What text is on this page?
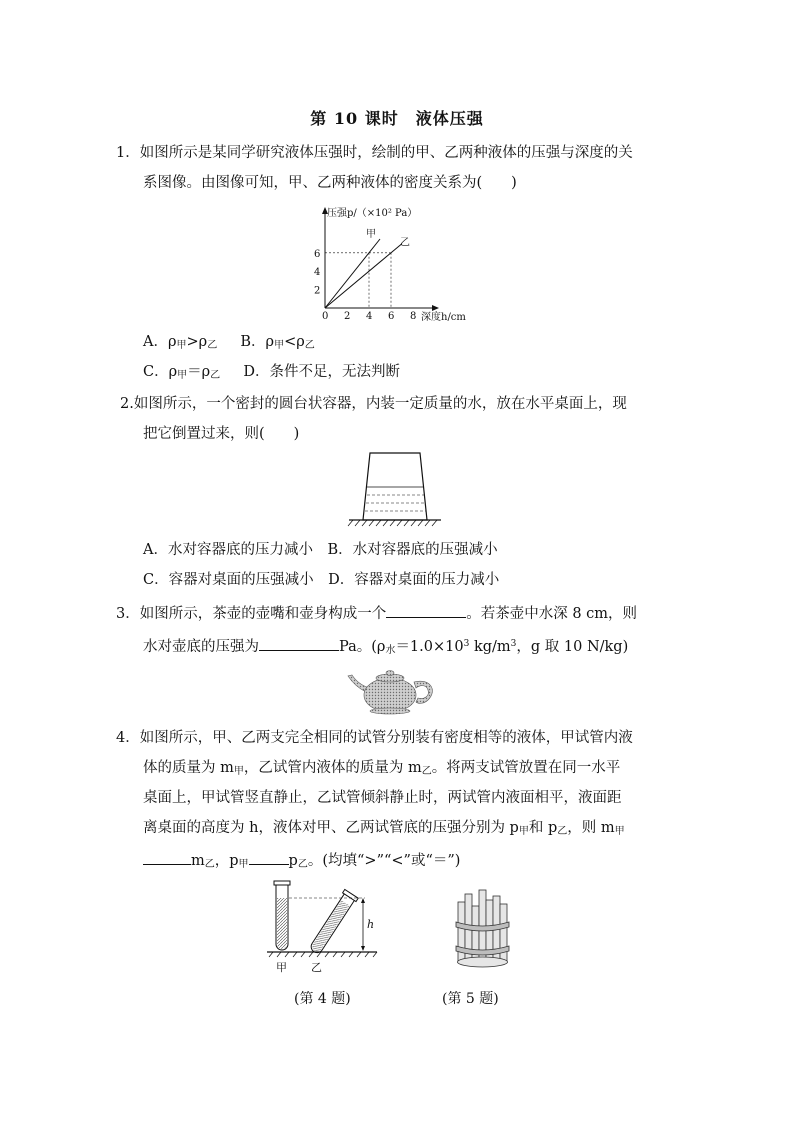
第 10 课时　液体压强
1．如图所示是某同学研究液体压强时，绘制的甲、乙两种液体的压强与深度的关
系图像。由图像可知，甲、乙两种液体的密度关系为(　　)
压强p/（×10² Pa）
深度h/cm
0 2 4 6 8
2
4
6
甲
乙
A．$\rho_甲>\rho_乙$ B．$\rho_甲<\rho_乙$
C．$\rho_甲=\rho_乙$ D．条件不足，无法判断
2.如图所示，一个密封的圆台状容器，内装一定质量的水，放在水平桌面上，现
把它倒置过来，则(　　)
A．水对容器底的压力减小　B．水对容器底的压强减小
C．容器对桌面的压强减小　D．容器对桌面的压力减小
3．如图所示，茶壶的壶嘴和壶身构成一个	。若茶壶中水深 8 cm，则
水对壶底的压强为	Pa。($\rho_水=1.0\times 10^3$ $kg/m^3$，g 取 10 N/kg)
4．如图所示，甲、乙两支完全相同的试管分别装有密度相等的液体，甲试管内液
体的质量为 $m_甲$，乙试管内液体的质量为 $m_乙$。将两支试管放置在同一水平
桌面上，甲试管竖直静止，乙试管倾斜静止时，两试管内液面相平，液面距
离桌面的高度为 h，液体对甲、乙两试管底的压强分别为 $p_甲$和 $p_乙$，则 $m_甲$
$m_乙$，$p_甲$	$p_乙$。(均填“>”“<”或“＝”)
h
甲 乙
(第 4 题)	(第 5 题)
